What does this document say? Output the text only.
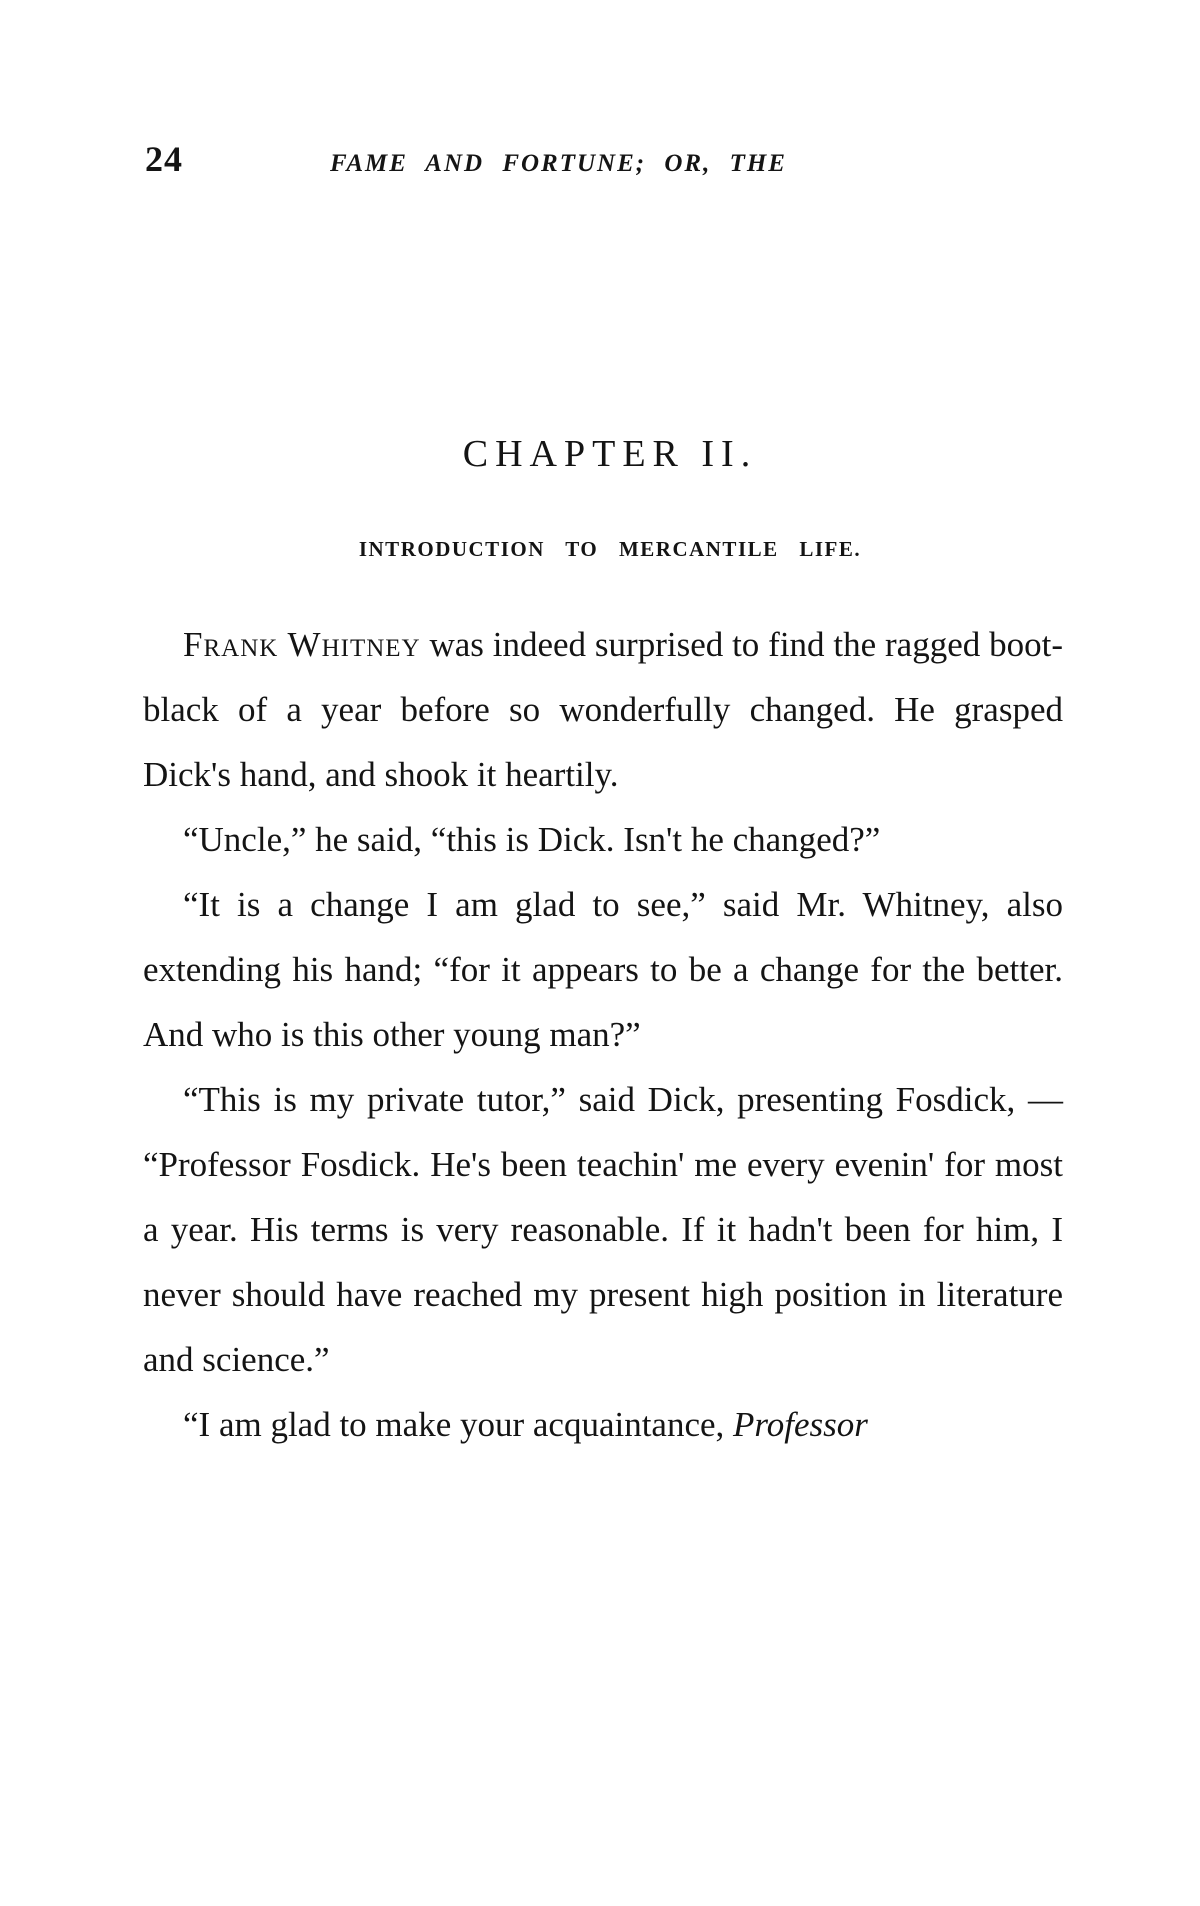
24	FAME AND FORTUNE; OR, THE
CHAPTER II.
INTRODUCTION TO MERCANTILE LIFE.

Frank Whitney was indeed surprised to find the ragged boot-black of a year before so wonderfully changed. He grasped Dick's hand, and shook it heartily.

“Uncle,” he said, “this is Dick. Isn't he changed?”

“It is a change I am glad to see,” said Mr. Whitney, also extending his hand; “for it appears to be a change for the better. And who is this other young man?”

“This is my private tutor,” said Dick, presenting Fosdick, — “Professor Fosdick. He's been teachin' me every evenin' for most a year. His terms is very reasonable. If it hadn't been for him, I never should have reached my present high position in literature and science.”

“I am glad to make your acquaintance, Professor
